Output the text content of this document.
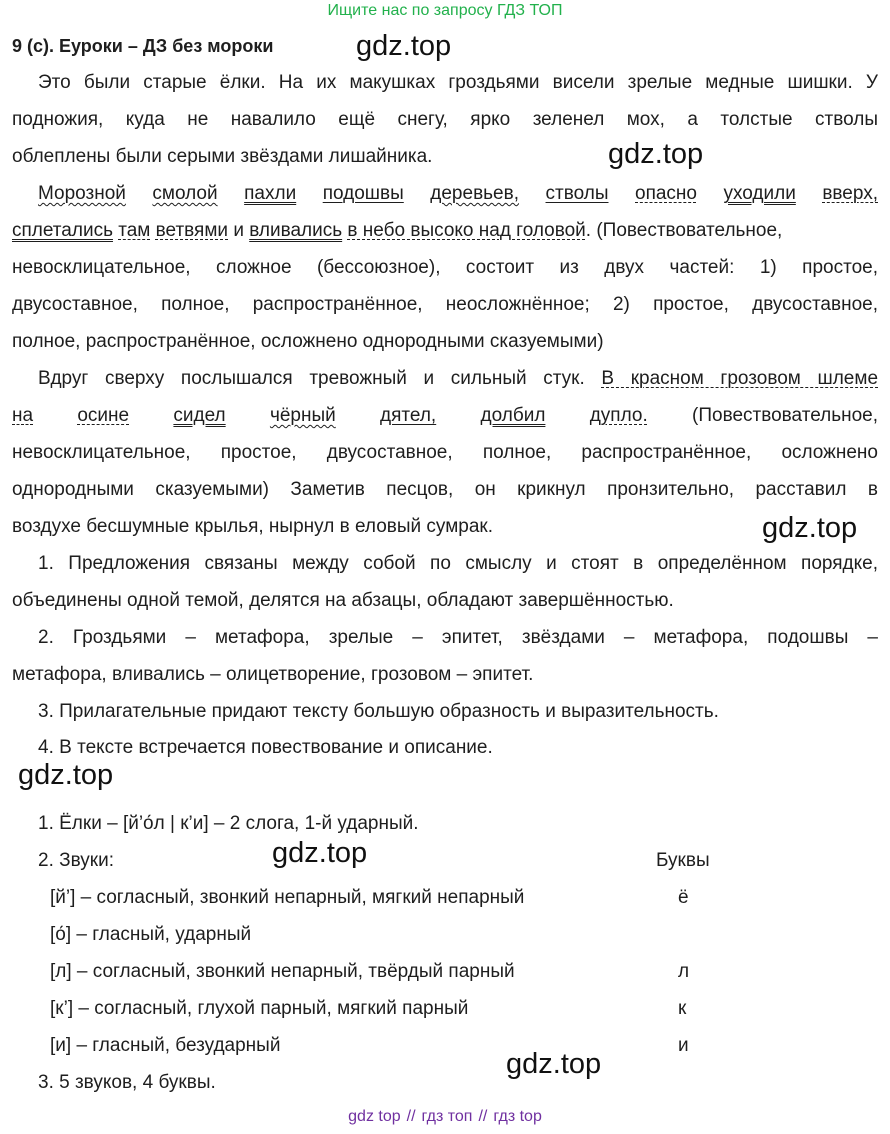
Ищите нас по запросу ГДЗ ТОП
9 (с). Еуроки – ДЗ без мороки	gdz.top
Это были старые ёлки. На их макушках гроздьями висели зрелые медные шишки. У
подножия, куда не навалило ещё снегу, ярко зеленел мох, а толстые стволы
облеплены были серыми звёздами лишайника.	gdz.top
Морозной смолой пахли подошвы деревьев, стволы опасно уходили вверх,
сплетались там ветвями и вливались в небо высоко над головой. (Повествовательное,
невосклицательное, сложное (бессоюзное), состоит из двух частей: 1) простое,
двусоставное, полное, распространённое, неосложнённое; 2) простое, двусоставное,
полное, распространённое, осложнено однородными сказуемыми)
Вдруг сверху послышался тревожный и сильный стук. В красном грозовом шлеме
на осине сидел чёрный дятел, долбил дупло. (Повествовательное,
невосклицательное, простое, двусоставное, полное, распространённое, осложнено
однородными сказуемыми) Заметив песцов, он крикнул пронзительно, расставил в
воздухе бесшумные крылья, нырнул в еловый сумрак.	gdz.top
1. Предложения связаны между собой по смыслу и стоят в определённом порядке,
объединены одной темой, делятся на абзацы, обладают завершённостью.
2. Гроздьями – метафора, зрелые – эпитет, звёздами – метафора, подошвы –
метафора, вливались – олицетворение, грозовом – эпитет.
3. Прилагательные придают тексту большую образность и выразительность.
4. В тексте встречается повествование и описание.
gdz.top
1. Ёлки – [й’о́л | к’и] – 2 слога, 1-й ударный.
2. Звуки:	gdz.top	Буквы
[й’] – согласный, звонкий непарный, мягкий непарный	ё
[о́] – гласный, ударный
[л] – согласный, звонкий непарный, твёрдый парный	л
[к’] – согласный, глухой парный, мягкий парный	к
[и] – гласный, безударный	и
gdz.top
3. 5 звуков, 4 буквы.
gdz top // гдз топ // гдз top
